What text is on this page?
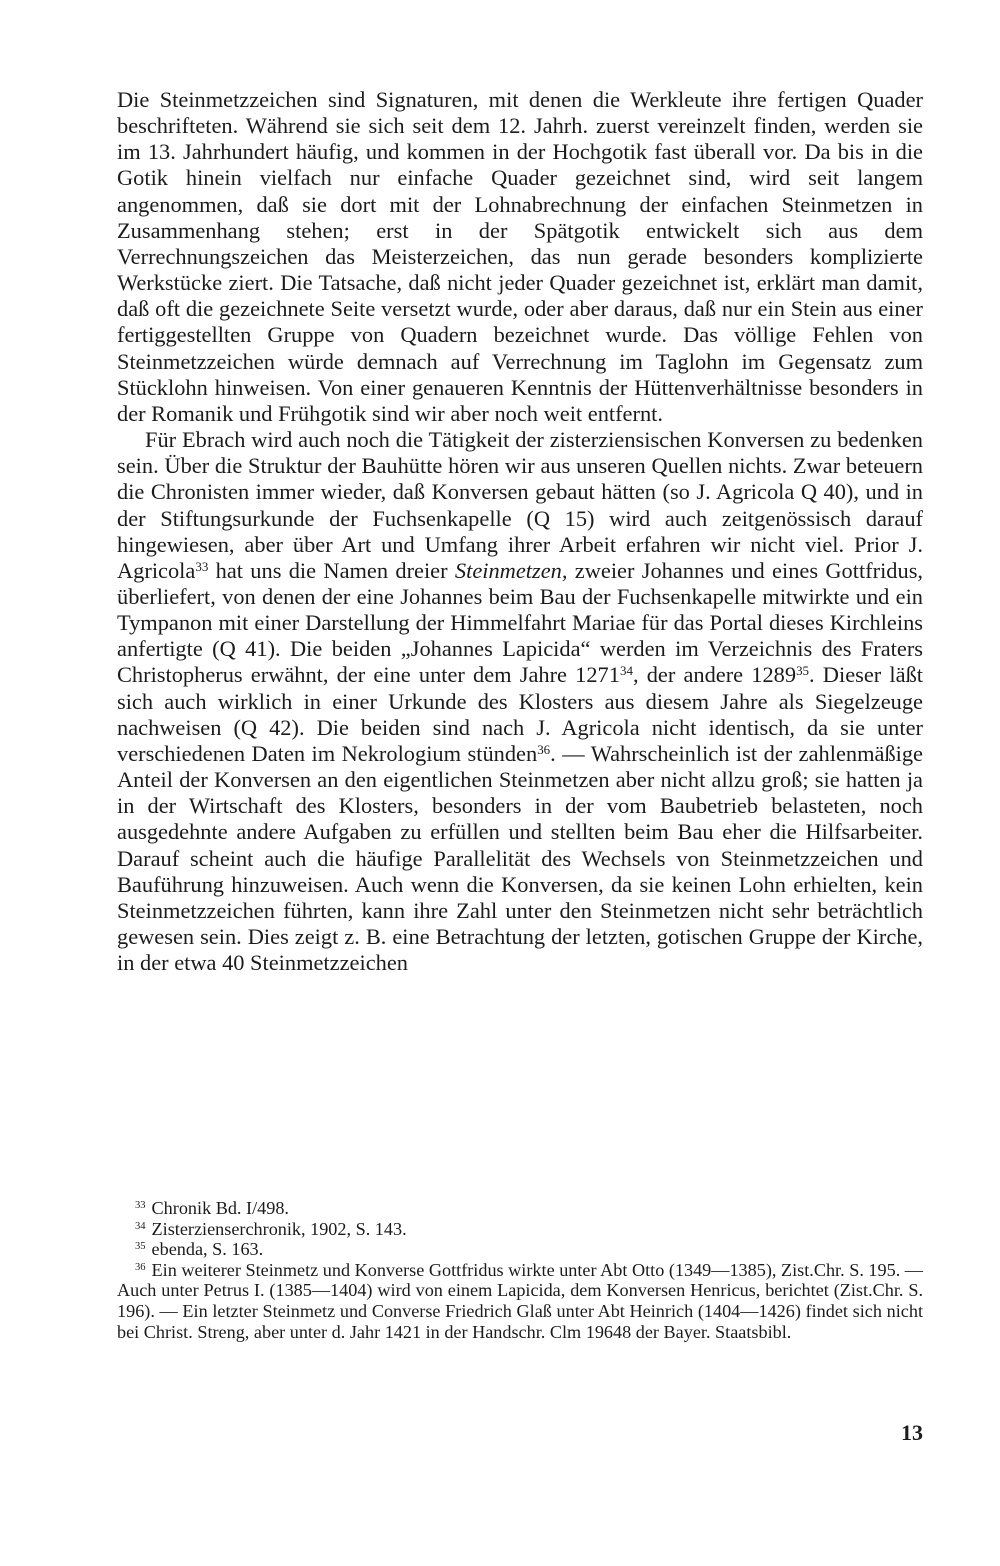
Die Steinmetzzeichen sind Signaturen, mit denen die Werkleute ihre fertigen Quader beschrifteten. Während sie sich seit dem 12. Jahrh. zuerst vereinzelt finden, werden sie im 13. Jahrhundert häufig, und kommen in der Hochgotik fast überall vor. Da bis in die Gotik hinein vielfach nur einfache Quader gezeichnet sind, wird seit langem angenommen, daß sie dort mit der Lohnabrechnung der einfachen Steinmetzen in Zusammenhang stehen; erst in der Spätgotik entwickelt sich aus dem Verrechnungszeichen das Meisterzeichen, das nun gerade besonders komplizierte Werkstücke ziert. Die Tatsache, daß nicht jeder Quader gezeichnet ist, erklärt man damit, daß oft die gezeichnete Seite versetzt wurde, oder aber daraus, daß nur ein Stein aus einer fertiggestellten Gruppe von Quadern bezeichnet wurde. Das völlige Fehlen von Steinmetzzeichen würde demnach auf Verrechnung im Taglohn im Gegensatz zum Stücklohn hinweisen. Von einer genaueren Kenntnis der Hüttenverhältnisse besonders in der Romanik und Frühgotik sind wir aber noch weit entfernt.

Für Ebrach wird auch noch die Tätigkeit der zisterziensischen Konversen zu bedenken sein. Über die Struktur der Bauhütte hören wir aus unseren Quellen nichts. Zwar beteuern die Chronisten immer wieder, daß Konversen gebaut hätten (so J. Agricola Q 40), und in der Stiftungsurkunde der Fuchsenkapelle (Q 15) wird auch zeitgenössisch darauf hingewiesen, aber über Art und Umfang ihrer Arbeit erfahren wir nicht viel. Prior J. Agricola$^{33}$ hat uns die Namen dreier Steinmetzen, zweier Johannes und eines Gottfridus, überliefert, von denen der eine Johannes beim Bau der Fuchsenkapelle mitwirkte und ein Tympanon mit einer Darstellung der Himmelfahrt Mariae für das Portal dieses Kirchleins anfertigte (Q 41). Die beiden „Johannes Lapicida“ werden im Verzeichnis des Fraters Christopherus erwähnt, der eine unter dem Jahre 1271$^{34}$, der andere 1289$^{35}$. Dieser läßt sich auch wirklich in einer Urkunde des Klosters aus diesem Jahre als Siegelzeuge nachweisen (Q 42). Die beiden sind nach J. Agricola nicht identisch, da sie unter verschiedenen Daten im Nekrologium stünden$^{36}$. — Wahrscheinlich ist der zahlenmäßige Anteil der Konversen an den eigentlichen Steinmetzen aber nicht allzu groß; sie hatten ja in der Wirtschaft des Klosters, besonders in der vom Baubetrieb belasteten, noch ausgedehnte andere Aufgaben zu erfüllen und stellten beim Bau eher die Hilfsarbeiter. Darauf scheint auch die häufige Parallelität des Wechsels von Steinmetzzeichen und Bauführung hinzuweisen. Auch wenn die Konversen, da sie keinen Lohn erhielten, kein Steinmetzzeichen führten, kann ihre Zahl unter den Steinmetzen nicht sehr beträchtlich gewesen sein. Dies zeigt z. B. eine Betrachtung der letzten, gotischen Gruppe der Kirche, in der etwa 40 Steinmetzzeichen

$^{33}$ Chronik Bd. I/498.

$^{34}$ Zisterzienserchronik, 1902, S. 143.

$^{35}$ ebenda, S. 163.

$^{36}$ Ein weiterer Steinmetz und Konverse Gottfridus wirkte unter Abt Otto (1349—1385), Zist.Chr. S. 195. — Auch unter Petrus I. (1385—1404) wird von einem Lapicida, dem Konversen Henricus, berichtet (Zist.Chr. S. 196). — Ein letzter Steinmetz und Converse Friedrich Glaß unter Abt Heinrich (1404—1426) findet sich nicht bei Christ. Streng, aber unter d. Jahr 1421 in der Handschr. Clm 19648 der Bayer. Staatsbibl.

13
